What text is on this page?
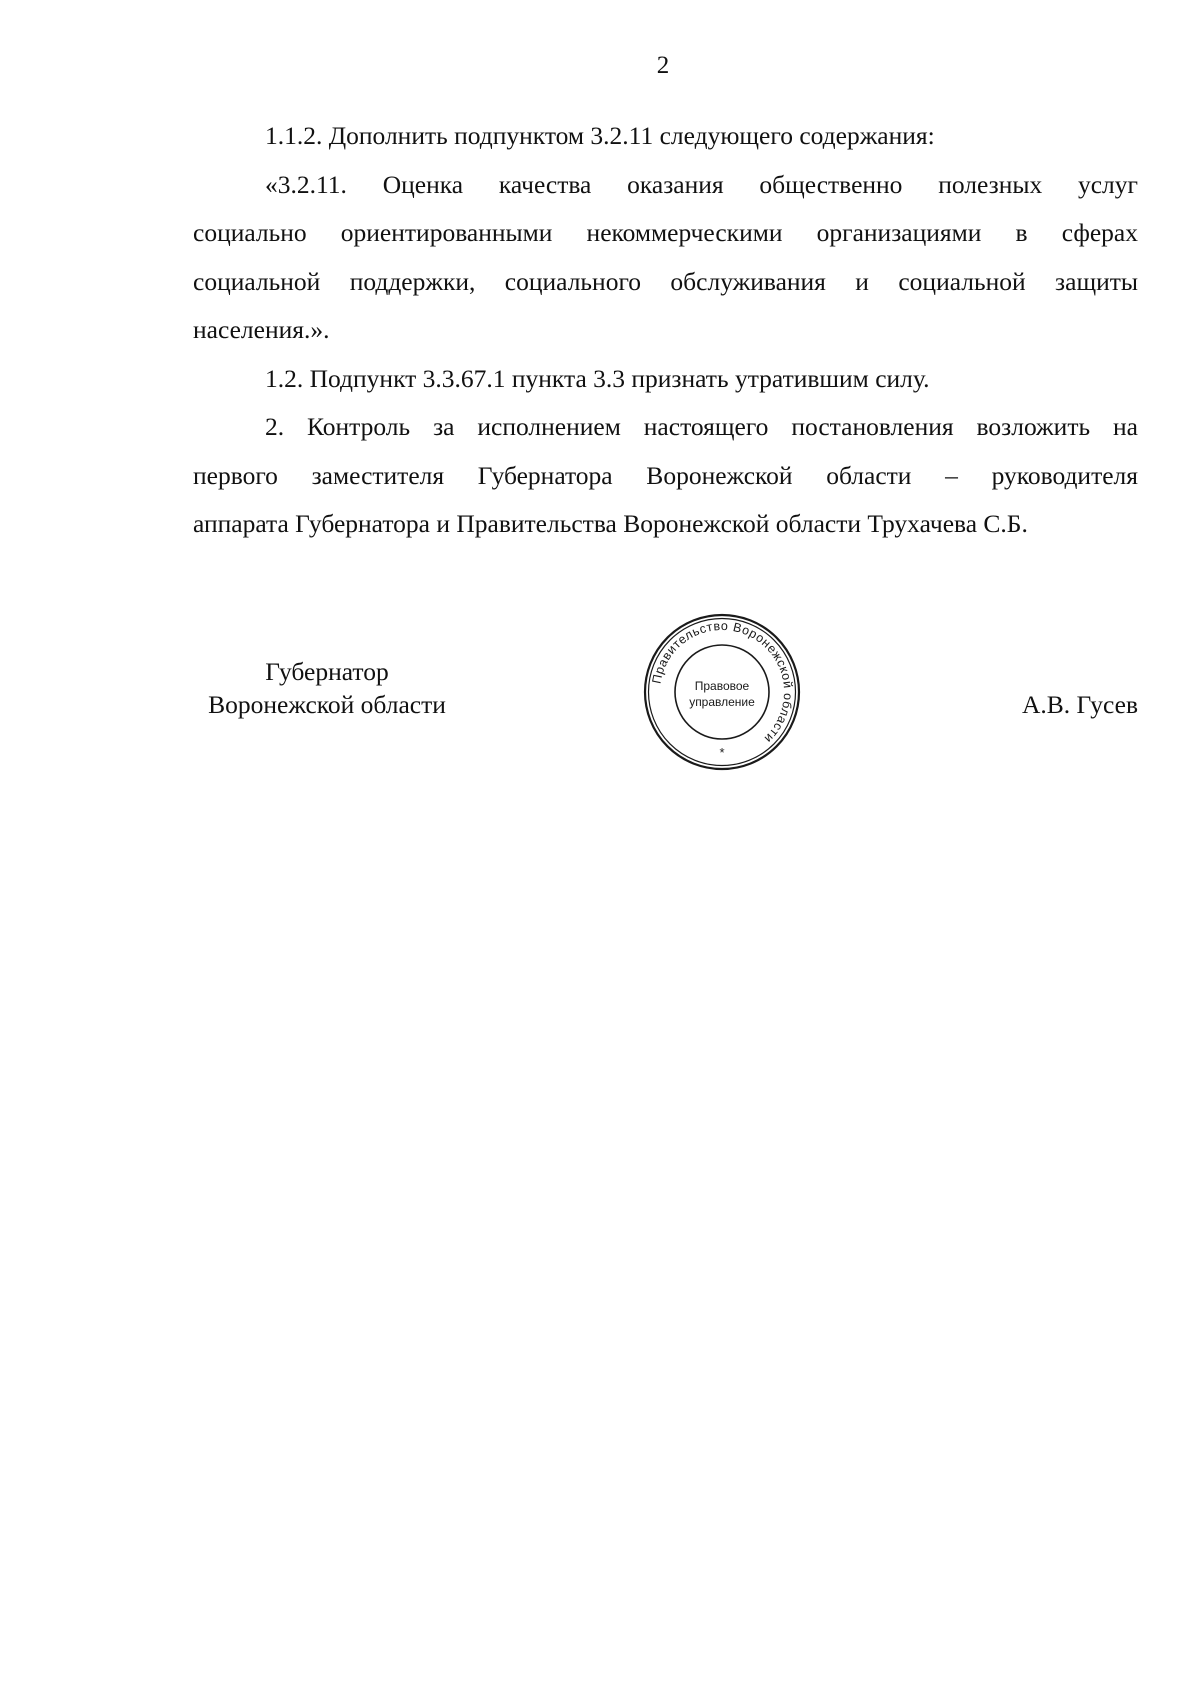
2

1.1.2. Дополнить подпунктом 3.2.11 следующего содержания:

«3.2.11. Оценка качества оказания общественно полезных услуг
социально ориентированными некоммерческими организациями в сферах
социальной поддержки, социального обслуживания и социальной защиты
населения.».

1.2. Подпункт 3.3.67.1 пункта 3.3 признать утратившим силу.

2. Контроль за исполнением настоящего постановления возложить на
первого заместителя Губернатора Воронежской области – руководителя
аппарата Губернатора и Правительства Воронежской области Трухачева С.Б.

Губернатор
Воронежской области	А.В. Гусев
Правительство Воронежской области
Правовое
управление
*
